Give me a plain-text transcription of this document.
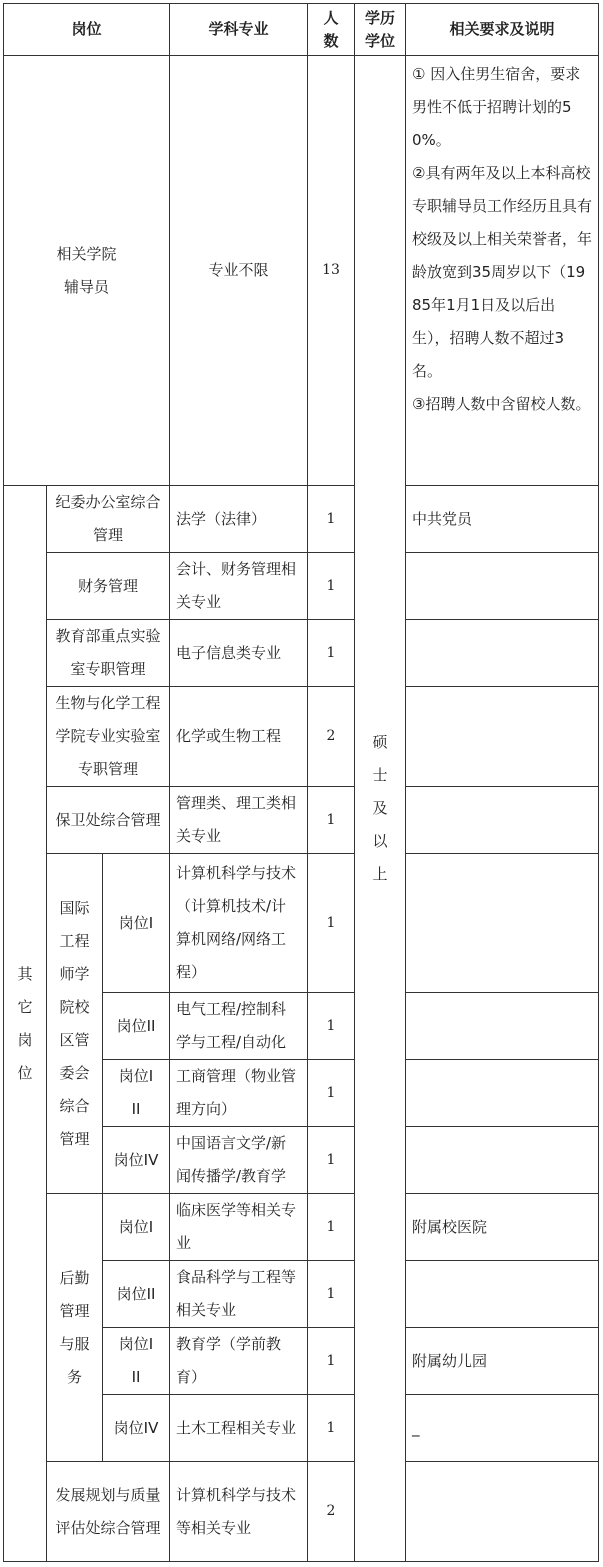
岗位			学科专业	人数	学历学位	相关要求及说明
相关学院辅导员			专业不限	13	硕士及以上	① 因入住男生宿舍，要求男性不低于招聘计划的50%。
②具有两年及以上本科高校专职辅导员工作经历且具有校级及以上相关荣誉者，年龄放宽到35周岁以下（1985年1月1日及以后出生），招聘人数不超过3名。
③招聘人数中含留校人数。

其它岗位	纪委办公室综合管理		法学（法律）	1		中共党员
	财务管理		会计、财务管理相关专业	1		
	教育部重点实验室专职管理		电子信息类专业	1		
	生物与化学工程学院专业实验室专职管理		化学或生物工程	2		
	保卫处综合管理		管理类、理工类相关专业	1		
	国际工程师学院校区管委会综合管理	岗位I	计算机科学与技术（计算机技术/计算机网络/网络工程）	1		
		岗位II	电气工程/控制科学与工程/自动化	1		
		岗位III	工商管理（物业管理方向）	1		
		岗位IV	中国语言文学/新闻传播学/教育学	1		
	后勤管理与服务	岗位I	临床医学等相关专业	1		附属校医院
		岗位II	食品科学与工程等相关专业	1		
		岗位III	教育学（学前教育）	1		附属幼儿园
		岗位IV	土木工程相关专业	1		_
	发展规划与质量评估处综合管理		计算机科学与技术等相关专业	2		
